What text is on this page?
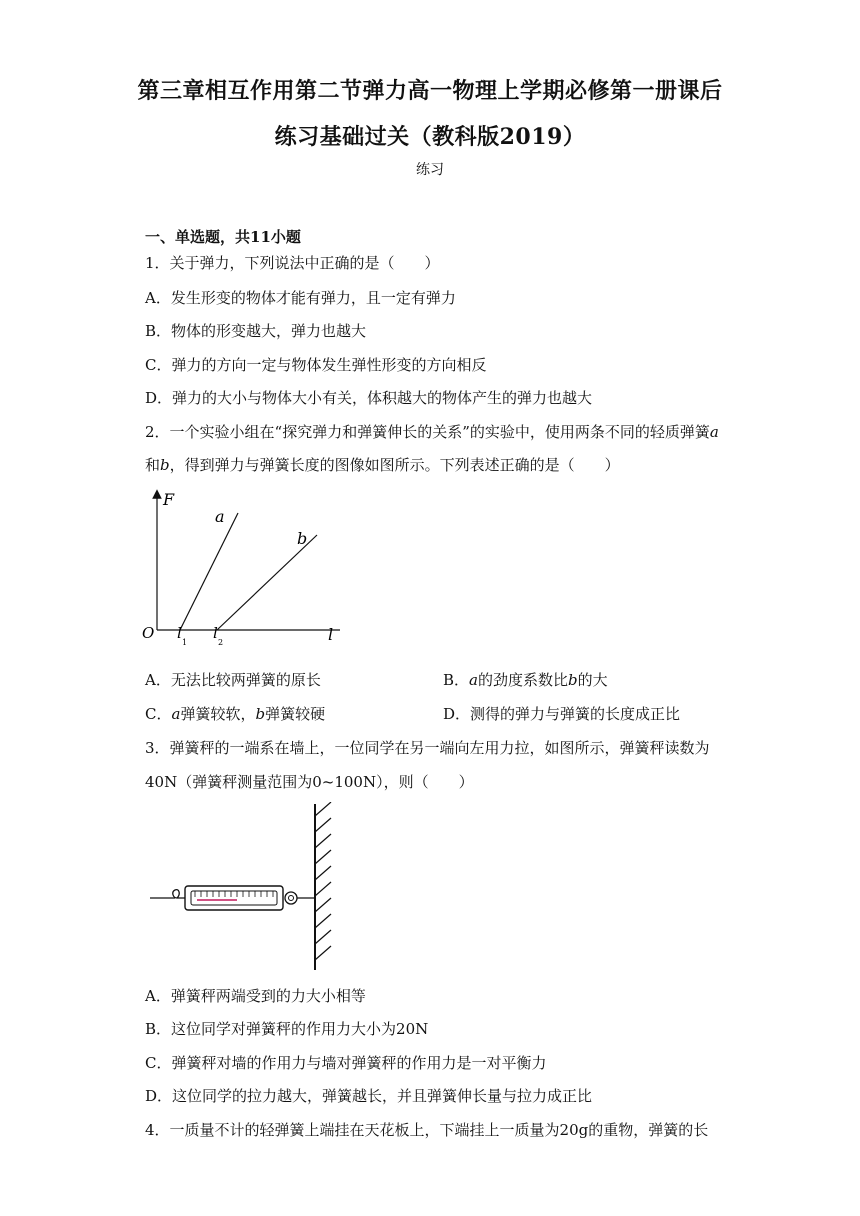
第三章相互作用第二节弹力高一物理上学期必修第一册课后
练习基础过关（教科版2019）
练习
一、单选题，共11小题
1．关于弹力，下列说法中正确的是（　　）
A．发生形变的物体才能有弹力，且一定有弹力
B．物体的形变越大，弹力也越大
C．弹力的方向一定与物体发生弹性形变的方向相反
D．弹力的大小与物体大小有关，体积越大的物体产生的弹力也越大
2．一个实验小组在“探究弹力和弹簧伸长的关系”的实验中，使用两条不同的轻质弹簧a
和b，得到弹力与弹簧长度的图像如图所示。下列表述正确的是（　　）
F
a
b
O l
1
l
2	l
A．无法比较两弹簧的原长	B．a的劲度系数比b的大
C．a弹簧较软，b弹簧较硬	D．测得的弹力与弹簧的长度成正比
3．弹簧秤的一端系在墙上，一位同学在另一端向左用力拉，如图所示，弹簧秤读数为
40N（弹簧秤测量范围为0~100N），则（　　）
A．弹簧秤两端受到的力大小相等
B．这位同学对弹簧秤的作用力大小为20N
C．弹簧秤对墙的作用力与墙对弹簧秤的作用力是一对平衡力
D．这位同学的拉力越大，弹簧越长，并且弹簧伸长量与拉力成正比
4．一质量不计的轻弹簧上端挂在天花板上，下端挂上一质量为20g的重物，弹簧的长
